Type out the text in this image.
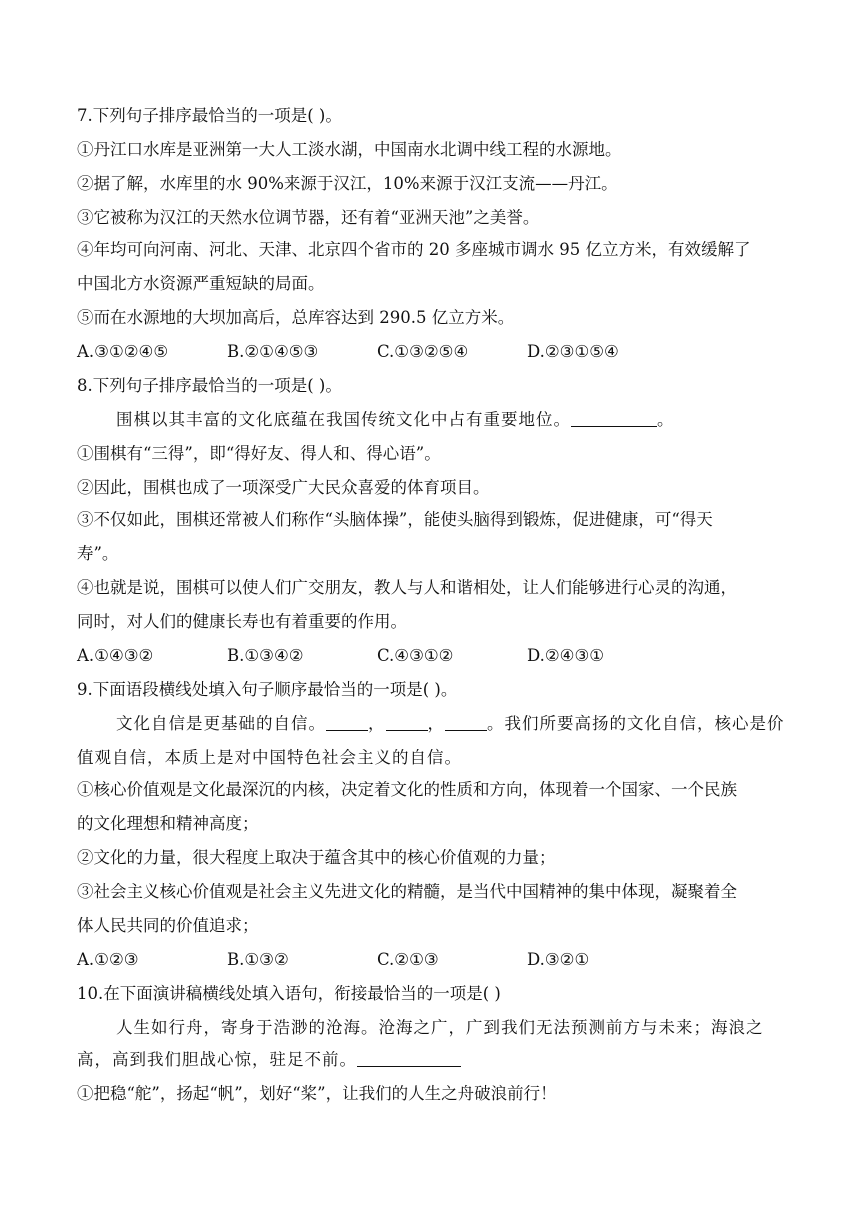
7.下列句子排序最恰当的一项是( )。
①丹江口水库是亚洲第一大人工淡水湖，中国南水北调中线工程的水源地。
②据了解，水库里的水 90%来源于汉江，10%来源于汉江支流——丹江。
③它被称为汉江的天然水位调节器，还有着“亚洲天池”之美誉。
④年均可向河南、河北、天津、北京四个省市的 20 多座城市调水 95 亿立方米，有效缓解了
中国北方水资源严重短缺的局面。
⑤而在水源地的大坝加高后，总库容达到 290.5 亿立方米。
A.③①②④⑤	B.②①④⑤③	C.①③②⑤④	D.②③①⑤④
8.下列句子排序最恰当的一项是( )。
围棋以其丰富的文化底蕴在我国传统文化中占有重要地位。	。
①围棋有“三得”，即“得好友、得人和、得心语”。
②因此，围棋也成了一项深受广大民众喜爱的体育项目。
③不仅如此，围棋还常被人们称作“头脑体操”，能使头脑得到锻炼，促进健康，可“得天
寿”。
④也就是说，围棋可以使人们广交朋友，教人与人和谐相处，让人们能够进行心灵的沟通，
同时，对人们的健康长寿也有着重要的作用。
A.①④③②	B.①③④②	C.④③①②	D.②④③①
9.下面语段横线处填入句子顺序最恰当的一项是( )。
文化自信是更基础的自信。	，	，	。我们所要高扬的文化自信，核心是价
值观自信，本质上是对中国特色社会主义的自信。
①核心价值观是文化最深沉的内核，决定着文化的性质和方向，体现着一个国家、一个民族
的文化理想和精神高度；
②文化的力量，很大程度上取决于蕴含其中的核心价值观的力量；
③社会主义核心价值观是社会主义先进文化的精髓，是当代中国精神的集中体现，凝聚着全
体人民共同的价值追求；
A.①②③	B.①③②	C.②①③	D.③②①
10.在下面演讲稿横线处填入语句，衔接最恰当的一项是( )
人生如行舟，寄身于浩渺的沧海。沧海之广，广到我们无法预测前方与未来；海浪之
高，高到我们胆战心惊，驻足不前。
①把稳“舵”，扬起“帆”，划好“桨”，让我们的人生之舟破浪前行！
